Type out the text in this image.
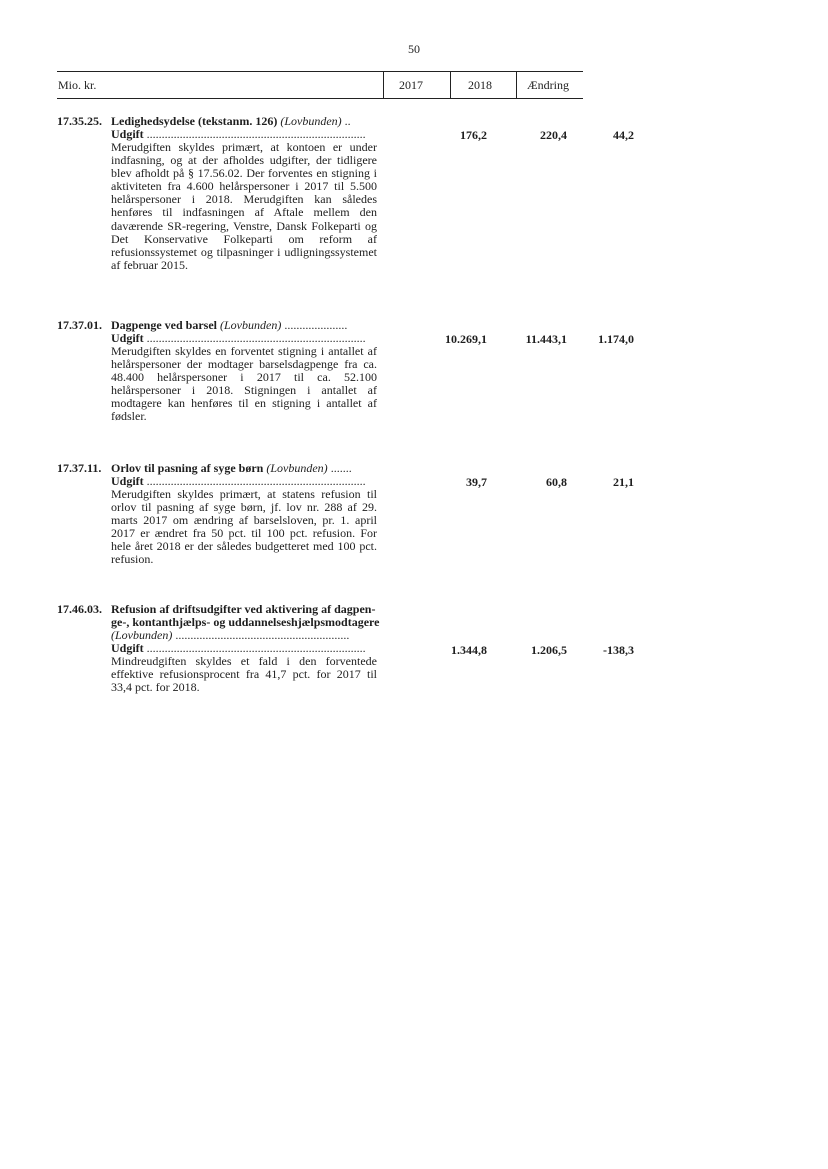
50
Mio. kr.	2017	2018	Ændring
17.35.25. Ledighedsydelse (tekstanm. 126) (Lovbunden) ..
Udgift .........................................................................	176,2	220,4	44,2
Merudgiften skyldes primært, at kontoen er under indfasning, og at der afholdes udgifter, der tidligere blev afholdt på § 17.56.02. Der forventes en stigning i aktiviteten fra 4.600 helårspersoner i 2017 til 5.500 helårspersoner i 2018. Merudgiften kan således henføres til indfasningen af Aftale mellem den daværende SR-regering, Venstre, Dansk Folkeparti og Det Konservative Folkeparti om reform af refusionssystemet og tilpasninger i udligningssystemet af februar 2015.
17.37.01. Dagpenge ved barsel (Lovbunden) .....................
Udgift .........................................................................	10.269,1	11.443,1	1.174,0
Merudgiften skyldes en forventet stigning i antallet af helårspersoner der modtager barselsdagpenge fra ca. 48.400 helårspersoner i 2017 til ca. 52.100 helårspersoner i 2018. Stigningen i antallet af modtagere kan henføres til en stigning i antallet af fødsler.
17.37.11. Orlov til pasning af syge børn (Lovbunden) .......
Udgift .........................................................................	39,7	60,8	21,1
Merudgiften skyldes primært, at statens refusion til orlov til pasning af syge børn, jf. lov nr. 288 af 29. marts 2017 om ændring af barselsloven, pr. 1. april 2017 er ændret fra 50 pct. til 100 pct. refusion. For hele året 2018 er der således budgetteret med 100 pct. refusion.
17.46.03. Refusion af driftsudgifter ved aktivering af dagpen-
ge-, kontanthjælps- og uddannelseshjælpsmodtagere
(Lovbunden) ..........................................................
Udgift .........................................................................	1.344,8	1.206,5	-138,3
Mindreudgiften skyldes et fald i den forventede effektive refusionsprocent fra 41,7 pct. for 2017 til 33,4 pct. for 2018.
